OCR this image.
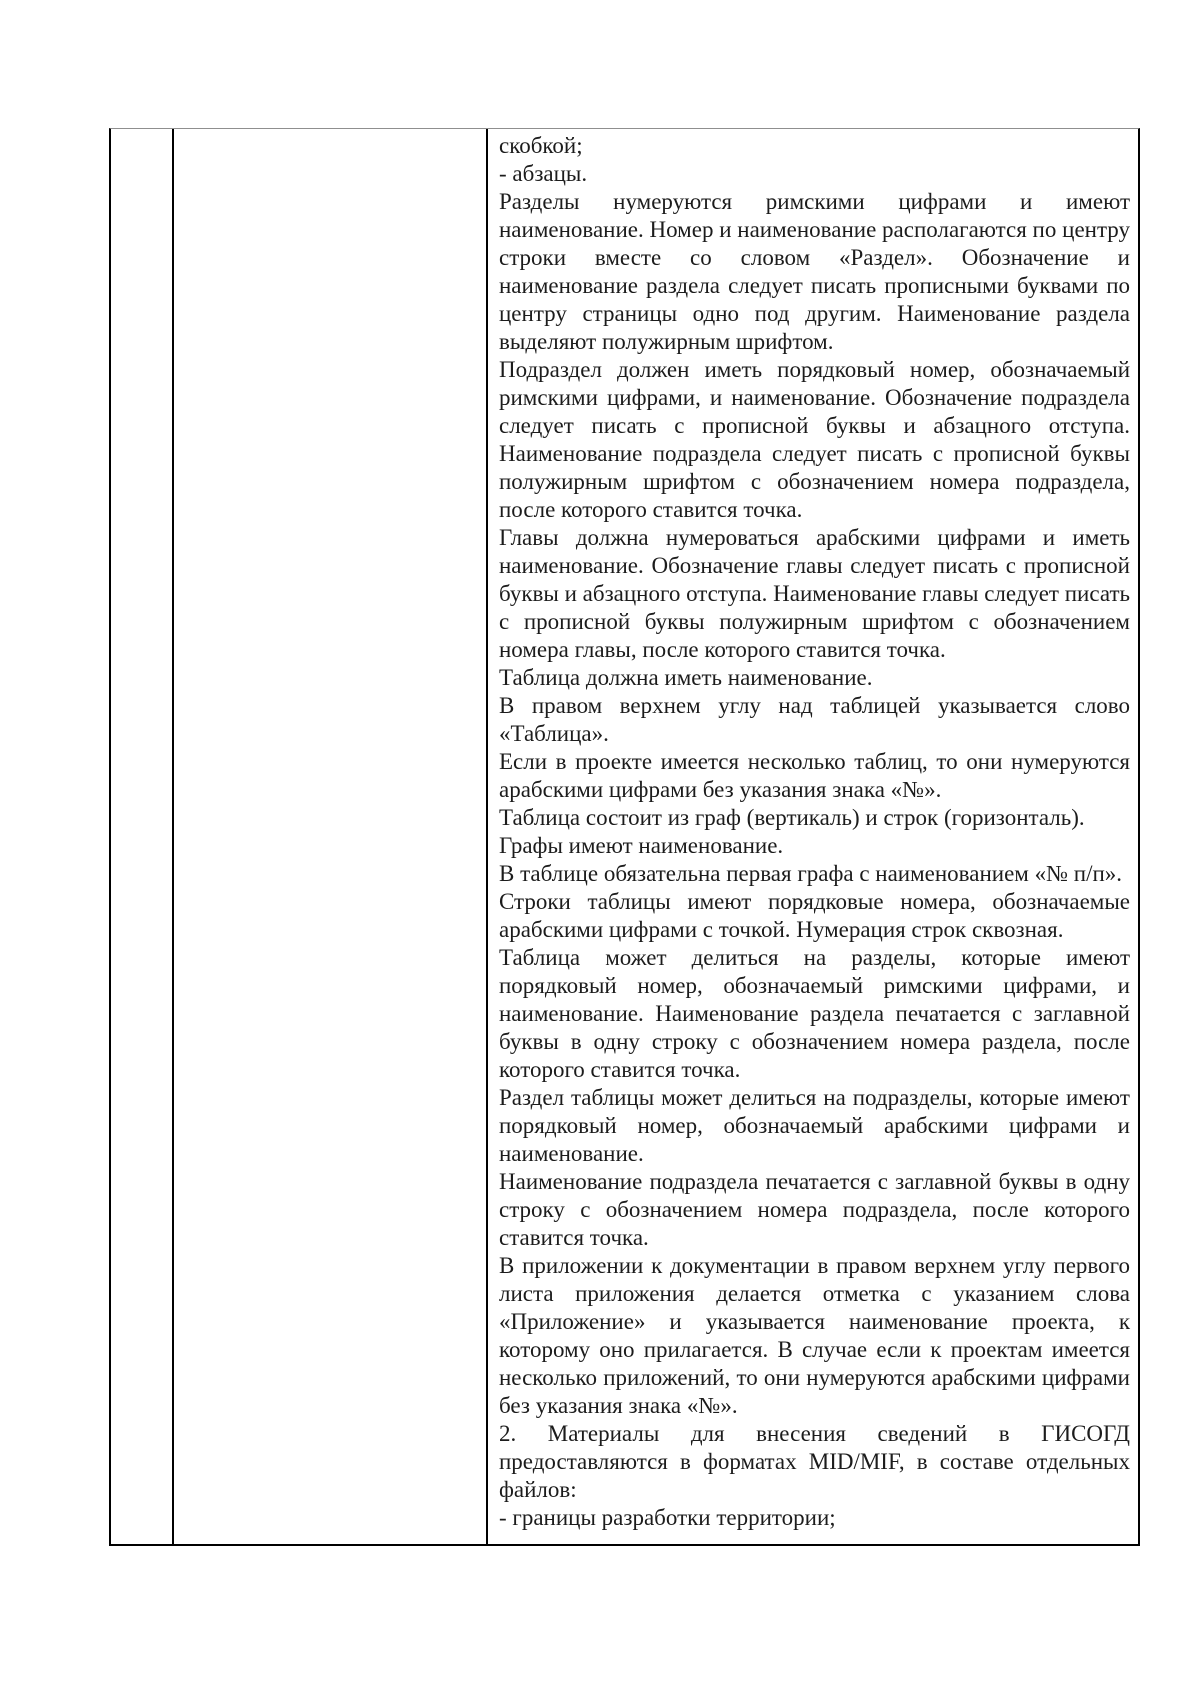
скобкой;

- абзацы.

Разделы нумеруются римскими цифрами и имеют наименование. Номер и наименование располагаются по центру строки вместе со словом «Раздел». Обозначение и наименование раздела следует писать прописными буквами по центру страницы одно под другим. Наименование раздела выделяют полужирным шрифтом.

Подраздел должен иметь порядковый номер, обозначаемый римскими цифрами, и наименование. Обозначение подраздела следует писать с прописной буквы и абзацного отступа. Наименование подраздела следует писать с прописной буквы полужирным шрифтом с обозначением номера подраздела, после которого ставится точка.

Главы должна нумероваться арабскими цифрами и иметь наименование. Обозначение главы следует писать с прописной буквы и абзацного отступа. Наименование главы следует писать с прописной буквы полужирным шрифтом с обозначением номера главы, после которого ставится точка.

Таблица должна иметь наименование.

В правом верхнем углу над таблицей указывается слово «Таблица».

Если в проекте имеется несколько таблиц, то они нумеруются арабскими цифрами без указания знака «№».

Таблица состоит из граф (вертикаль) и строк (горизонталь).

Графы имеют наименование.

В таблице обязательна первая графа с наименованием «№ п/п».

Строки таблицы имеют порядковые номера, обозначаемые арабскими цифрами с точкой. Нумерация строк сквозная.

Таблица может делиться на разделы, которые имеют порядковый номер, обозначаемый римскими цифрами, и наименование. Наименование раздела печатается с заглавной буквы в одну строку с обозначением номера раздела, после которого ставится точка.

Раздел таблицы может делиться на подразделы, которые имеют порядковый номер, обозначаемый арабскими цифрами и наименование.

Наименование подраздела печатается с заглавной буквы в одну строку с обозначением номера подраздела, после которого ставится точка.

В приложении к документации в правом верхнем углу первого листа приложения делается отметка с указанием слова «Приложение» и указывается наименование проекта, к которому оно прилагается. В случае если к проектам имеется несколько приложений, то они нумеруются арабскими цифрами без указания знака «№».

2. Материалы для внесения сведений в ГИСОГД предоставляются в форматах MID/MIF, в составе отдельных файлов:

- границы разработки территории;
